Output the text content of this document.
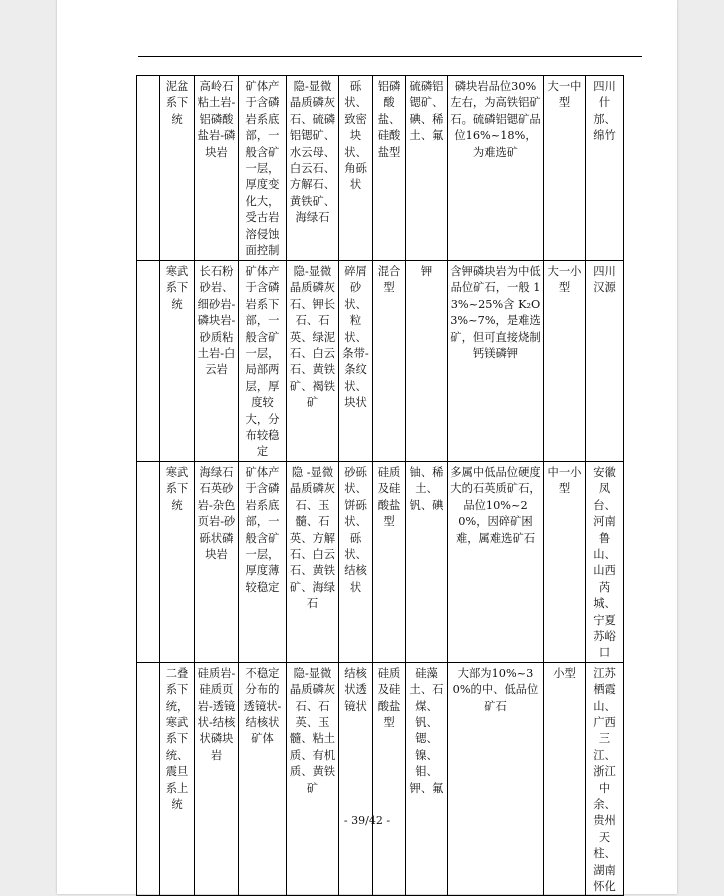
	泥盆系下统	高岭石粘土岩-铝磷酸盐岩-磷块岩	矿体产于含磷岩系底部，一般含矿一层，厚度变化大，受古岩溶侵蚀面控制	隐-显微晶质磷灰石、硫磷铝锶矿、水云母、白云石、方解石、黄铁矿、海绿石	砾状、致密块状、角砾状	铝磷酸盐、硅酸盐型	硫磷铝锶矿、碘、稀土、氟	磷块岩品位30%左右，为高铁铝矿石。硫磷铝锶矿品位16%~18%，为难选矿	大一中型	四川什邡、绵竹
	寒武系下统	长石粉砂岩、细砂岩-磷块岩-砂质粘土岩-白云岩	矿体产于含磷岩系下部，一般含矿一层，局部两层，厚度较大，分布较稳定	隐-显微晶质磷灰石、钾长石、石英、绿泥石、白云石、黄铁矿、褐铁矿	碎屑砂状、粒状、条带-条纹状、块状	混合型	钾	含钾磷块岩为中低品位矿石，一般 13%~25%含 K₂O3%~7%，是难选矿，但可直接烧制钙镁磷钾	大一小型	四川汉源
	寒武系下统	海绿石石英砂岩-杂色页岩-砂砾状磷块岩	矿体产于含磷岩系底部，一般含矿一层，厚度薄较稳定	隐 -显微晶质磷灰石、玉髓、石英、方解石、白云石、黄铁矿、海绿石	砂砾状、饼砾状、砾状、结核状	硅质及硅酸盐型	铀、稀土、钒、碘	多属中低品位硬度大的石英质矿石，品位10%~20%，因碎矿困难，属难选矿石	中一小型	安徽凤台、河南鲁山、山西芮城、宁夏苏峪口
	二叠系下统，寒武系下统、震旦系上统	硅质岩-硅质页岩-透镜状-结核状磷块岩	不稳定分布的透镜状-结核状矿体	隐-显微晶质磷灰石、石英、玉髓、粘土质、有机质、黄铁矿	结核状透镜状	硅质及硅酸盐型	硅藻土、石煤、钒、锶、镍、钼、钾、氟	大部为10%~30%的中、低品位矿石	小型	江苏栖霞山、广西三江、浙江中余、贵州天柱、湖南怀化
- 39/42 -
